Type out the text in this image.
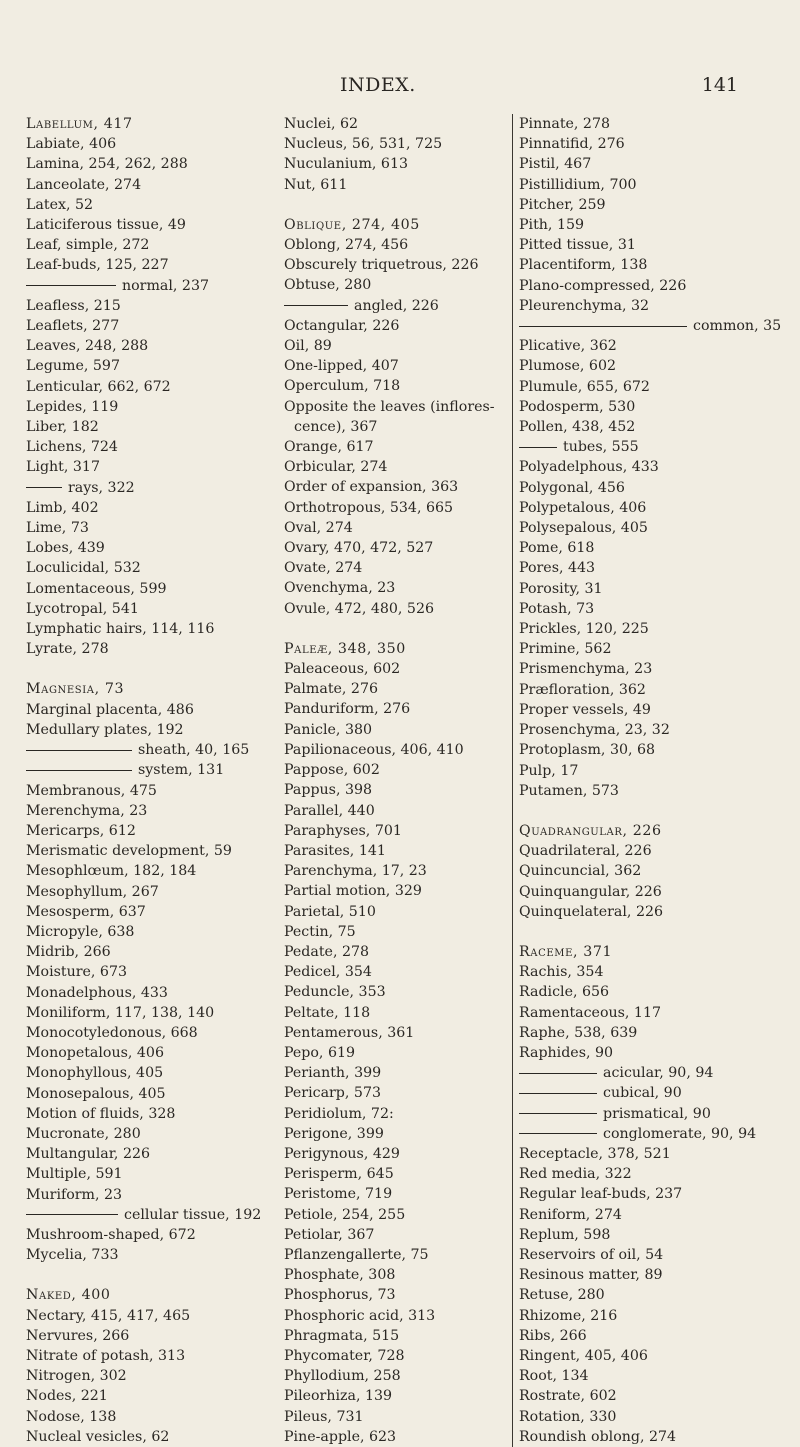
INDEX.	141
Labellum, 417
Labiate, 406
Lamina, 254, 262, 288
Lanceolate, 274
Latex, 52
Laticiferous tissue, 49
Leaf, simple, 272
Leaf-buds, 125, 227
normal, 237
Leafless, 215
Leaflets, 277
Leaves, 248, 288
Legume, 597
Lenticular, 662, 672
Lepides, 119
Liber, 182
Lichens, 724
Light, 317
rays, 322
Limb, 402
Lime, 73
Lobes, 439
Loculicidal, 532
Lomentaceous, 599
Lycotropal, 541
Lymphatic hairs, 114, 116
Lyrate, 278
Magnesia, 73
Marginal placenta, 486
Medullary plates, 192
sheath, 40, 165
system, 131
Membranous, 475
Merenchyma, 23
Mericarps, 612
Merismatic development, 59
Mesophlœum, 182, 184
Mesophyllum, 267
Mesosperm, 637
Micropyle, 638
Midrib, 266
Moisture, 673
Monadelphous, 433
Moniliform, 117, 138, 140
Monocotyledonous, 668
Monopetalous, 406
Monophyllous, 405
Monosepalous, 405
Motion of fluids, 328
Mucronate, 280
Multangular, 226
Multiple, 591
Muriform, 23
cellular tissue, 192
Mushroom-shaped, 672
Mycelia, 733
Naked, 400
Nectary, 415, 417, 465
Nervures, 266
Nitrate of potash, 313
Nitrogen, 302
Nodes, 221
Nodose, 138
Nucleal vesicles, 62
Nuclei, 62
Nucleus, 56, 531, 725
Nuculanium, 613
Nut, 611
Oblique, 274, 405
Oblong, 274, 456
Obscurely triquetrous, 226
Obtuse, 280
angled, 226
Octangular, 226
Oil, 89
One-lipped, 407
Operculum, 718
Opposite the leaves (inflores-
cence), 367
Orange, 617
Orbicular, 274
Order of expansion, 363
Orthotropous, 534, 665
Oval, 274
Ovary, 470, 472, 527
Ovate, 274
Ovenchyma, 23
Ovule, 472, 480, 526
Paleæ, 348, 350
Paleaceous, 602
Palmate, 276
Panduriform, 276
Panicle, 380
Papilionaceous, 406, 410
Pappose, 602
Pappus, 398
Parallel, 440
Paraphyses, 701
Parasites, 141
Parenchyma, 17, 23
Partial motion, 329
Parietal, 510
Pectin, 75
Pedate, 278
Pedicel, 354
Peduncle, 353
Peltate, 118
Pentamerous, 361
Pepo, 619
Perianth, 399
Pericarp, 573
Peridiolum, 72:
Perigone, 399
Perigynous, 429
Perisperm, 645
Peristome, 719
Petiole, 254, 255
Petiolar, 367
Pflanzengallerte, 75
Phosphate, 308
Phosphorus, 73
Phosphoric acid, 313
Phragmata, 515
Phycomater, 728
Phyllodium, 258
Pileorhiza, 139
Pileus, 731
Pine-apple, 623
Pinnate, 278
Pinnatifid, 276
Pistil, 467
Pistillidium, 700
Pitcher, 259
Pith, 159
Pitted tissue, 31
Placentiform, 138
Plano-compressed, 226
Pleurenchyma, 32
common, 35
Plicative, 362
Plumose, 602
Plumule, 655, 672
Podosperm, 530
Pollen, 438, 452
tubes, 555
Polyadelphous, 433
Polygonal, 456
Polypetalous, 406
Polysepalous, 405
Pome, 618
Pores, 443
Porosity, 31
Potash, 73
Prickles, 120, 225
Primine, 562
Prismenchyma, 23
Præfloration, 362
Proper vessels, 49
Prosenchyma, 23, 32
Protoplasm, 30, 68
Pulp, 17
Putamen, 573
Quadrangular, 226
Quadrilateral, 226
Quincuncial, 362
Quinquangular, 226
Quinquelateral, 226
Raceme, 371
Rachis, 354
Radicle, 656
Ramentaceous, 117
Raphe, 538, 639
Raphides, 90
acicular, 90, 94
cubical, 90
prismatical, 90
conglomerate, 90, 94
Receptacle, 378, 521
Red media, 322
Regular leaf-buds, 237
Reniform, 274
Replum, 598
Reservoirs of oil, 54
Resinous matter, 89
Retuse, 280
Rhizome, 216
Ribs, 266
Ringent, 405, 406
Root, 134
Rostrate, 602
Rotation, 330
Roundish oblong, 274
